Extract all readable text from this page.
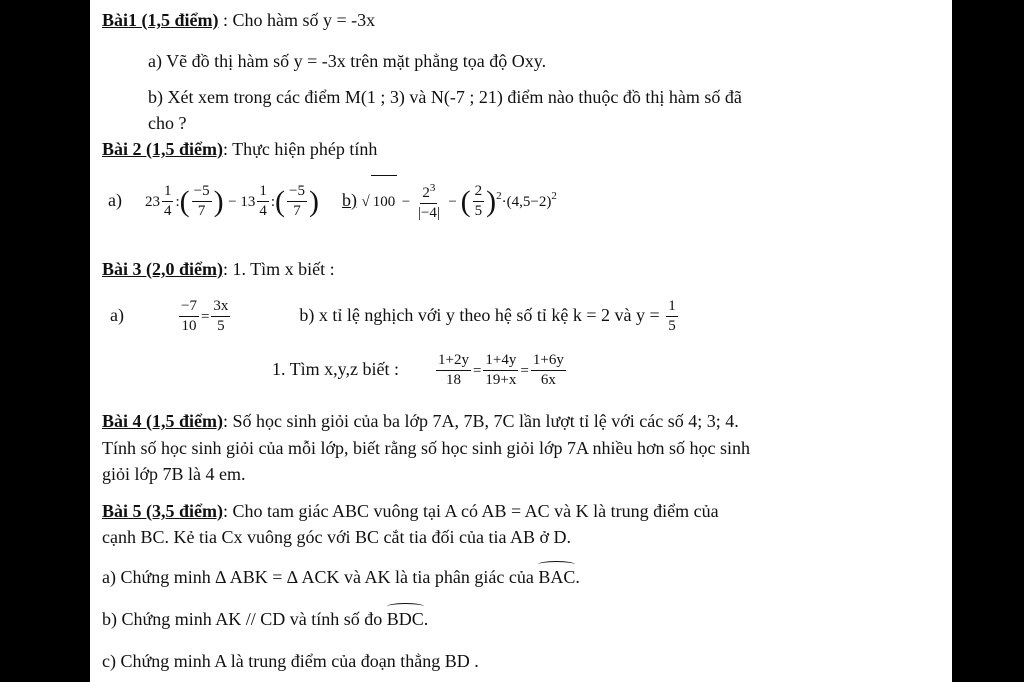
Bài1 (1,5 điểm) : Cho hàm số y = -3x
a) Vẽ đồ thị hàm số y = -3x trên mặt phẳng tọa độ Oxy.
b) Xét xem trong các điểm M(1 ; 3) và N(-7 ; 21) điểm nào thuộc đồ thị hàm số đã
cho ?
Bài 2 (1,5 điểm): Thực hiện phép tính
a) $23 \frac{1}{4}$ :( $\frac{-5}{7}$ ) − $13 \frac{1}{4}$ :( $\frac{-5}{7}$ ) b) √ $100 - \frac{2^3}{|-4|}$ − ( $\frac{2}{5} )^2\cdot(4,5-2)^2$
Bài 3 (2,0 điểm): 1. Tìm x biết :
a)	$\frac{-7}{10} = \frac{3x}{5}$	b) x tỉ lệ nghịch với y theo hệ số tỉ kệ k = 2 và $y = \frac{1}{5}$
1. Tìm x,y,z biết : $\frac{1+2y}{18} = \frac{1+4y}{19+x} = \frac{1+6y}{6x}$
Bài 4 (1,5 điểm): Số học sinh giỏi của ba lớp 7A, 7B, 7C lần lượt tỉ lệ với các số 4; 3; 4.
Tính số học sinh giỏi của mỗi lớp, biết rằng số học sinh giỏi lớp 7A nhiều hơn số học sinh
giỏi lớp 7B là 4 em.
Bài 5 (3,5 điểm): Cho tam giác ABC vuông tại A có AB = AC và K là trung điểm của
cạnh BC. Kẻ tia Cx vuông góc với BC cắt tia đối của tia AB ở D.
a) Chứng minh ∆ ABK = ∆ ACK và AK là tia phân giác của BAC.
b) Chứng minh AK // CD và tính số đo BDC.
c) Chứng minh A là trung điểm của đoạn thẳng BD .
